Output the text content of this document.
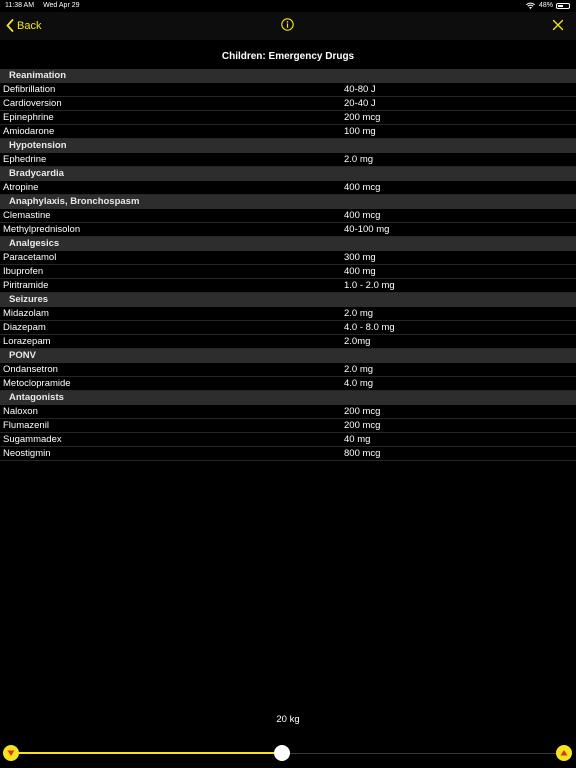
11:38 AM Wed Apr 29	48%
Back
Children: Emergency Drugs
Reanimation
Defibrillation	40-80 J
Cardioversion	20-40 J
Epinephrine	200 mcg
Amiodarone	100 mg
Hypotension
Ephedrine	2.0 mg
Bradycardia
Atropine	400 mcg
Anaphylaxis, Bronchospasm
Clemastine	400 mcg
Methylprednisolon	40-100 mg
Analgesics
Paracetamol	300 mg
Ibuprofen	400 mg
Piritramide	1.0 - 2.0 mg
Seizures
Midazolam	2.0 mg
Diazepam	4.0 - 8.0 mg
Lorazepam	2.0mg
PONV
Ondansetron	2.0 mg
Metoclopramide	4.0 mg
Antagonists
Naloxon	200 mcg
Flumazenil	200 mcg
Sugammadex	40 mg
Neostigmin	800 mcg
20 kg
